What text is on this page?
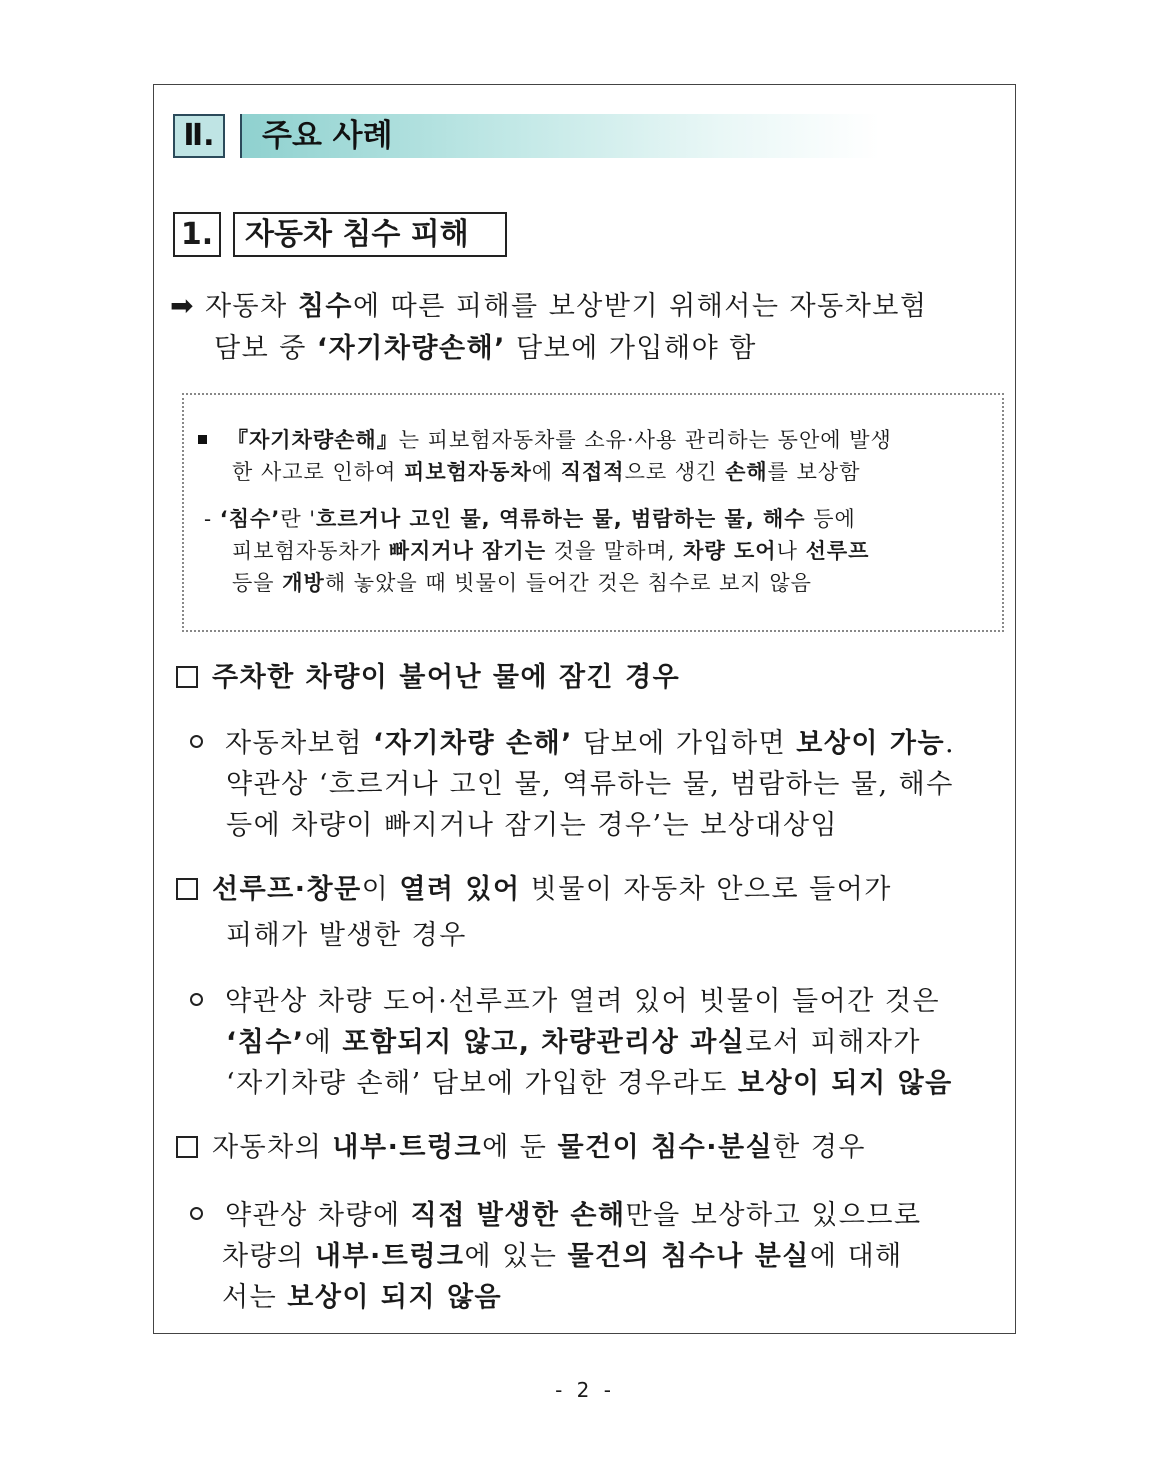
Ⅱ.	주요 사례
1.	자동차 침수 피해
➡ 자동차 침수에 따른 피해를 보상받기 위해서는 자동차보험
담보 중 ‘자기차량손해’ 담보에 가입해야 함
『자기차량손해』는 피보험자동차를 소유·사용 관리하는 동안에 발생
한 사고로 인하여 피보험자동차에 직접적으로 생긴 손해를 보상함
- ‘침수’란 '흐르거나 고인 물, 역류하는 물, 범람하는 물, 해수 등에
피보험자동차가 빠지거나 잠기는 것을 말하며, 차량 도어나 선루프
등을 개방해 놓았을 때 빗물이 들어간 것은 침수로 보지 않음
주차한 차량이 불어난 물에 잠긴 경우
자동차보험 ‘자기차량 손해’ 담보에 가입하면 보상이 가능.
약관상 ‘흐르거나 고인 물, 역류하는 물, 범람하는 물, 해수
등에 차량이 빠지거나 잠기는 경우’는 보상대상임
선루프·창문이 열려 있어 빗물이 자동차 안으로 들어가
피해가 발생한 경우
약관상 차량 도어·선루프가 열려 있어 빗물이 들어간 것은
‘침수’에 포함되지 않고, 차량관리상 과실로서 피해자가
‘자기차량 손해’ 담보에 가입한 경우라도 보상이 되지 않음
자동차의 내부·트렁크에 둔 물건이 침수·분실한 경우
약관상 차량에 직접 발생한 손해만을 보상하고 있으므로
차량의 내부·트렁크에 있는 물건의 침수나 분실에 대해
서는 보상이 되지 않음
- 2 -
